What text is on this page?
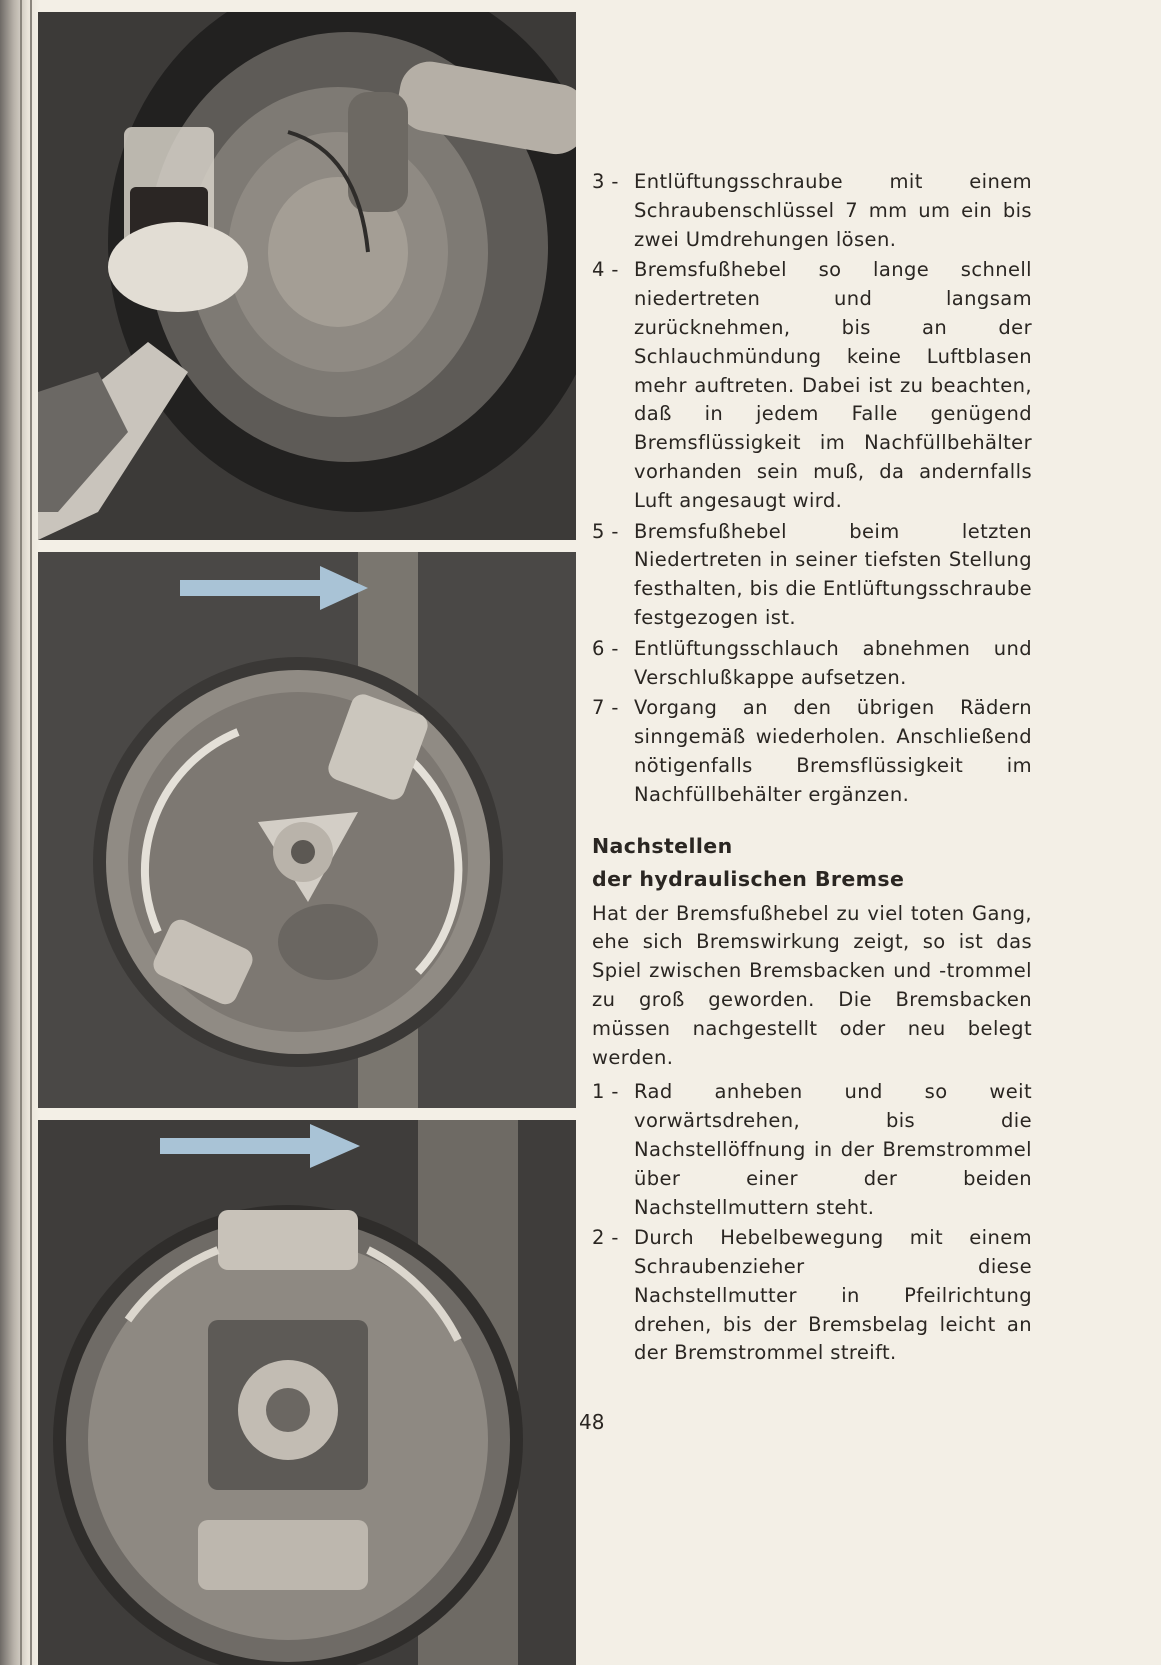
3 - Entlüftungsschraube mit einem Schraubenschlüssel 7 mm um ein bis zwei Umdrehungen lösen.
4 - Bremsfußhebel so lange schnell niedertreten und langsam zurücknehmen, bis an der Schlauchmündung keine Luftblasen mehr auftreten. Dabei ist zu beachten, daß in jedem Falle genügend Bremsflüssigkeit im Nachfüllbehälter vorhanden sein muß, da andernfalls Luft angesaugt wird.
5 - Bremsfußhebel beim letzten Niedertreten in seiner tiefsten Stellung festhalten, bis die Entlüftungsschraube festgezogen ist.
6 - Entlüftungsschlauch abnehmen und Verschlußkappe aufsetzen.
7 - Vorgang an den übrigen Rädern sinngemäß wiederholen. Anschließend nötigenfalls Bremsflüssigkeit im Nachfüllbehälter ergänzen.
Nachstellen
der hydraulischen Bremse
Hat der Bremsfußhebel zu viel toten Gang, ehe sich Bremswirkung zeigt, so ist das Spiel zwischen Bremsbacken und -trommel zu groß geworden. Die Bremsbacken müssen nachgestellt oder neu belegt werden.
1 - Rad anheben und so weit vorwärtsdrehen, bis die Nachstellöffnung in der Bremstrommel über einer der beiden Nachstellmuttern steht.
2 - Durch Hebelbewegung mit einem Schraubenzieher diese Nachstellmutter in Pfeilrichtung drehen, bis der Bremsbelag leicht an der Bremstrommel streift.
48
